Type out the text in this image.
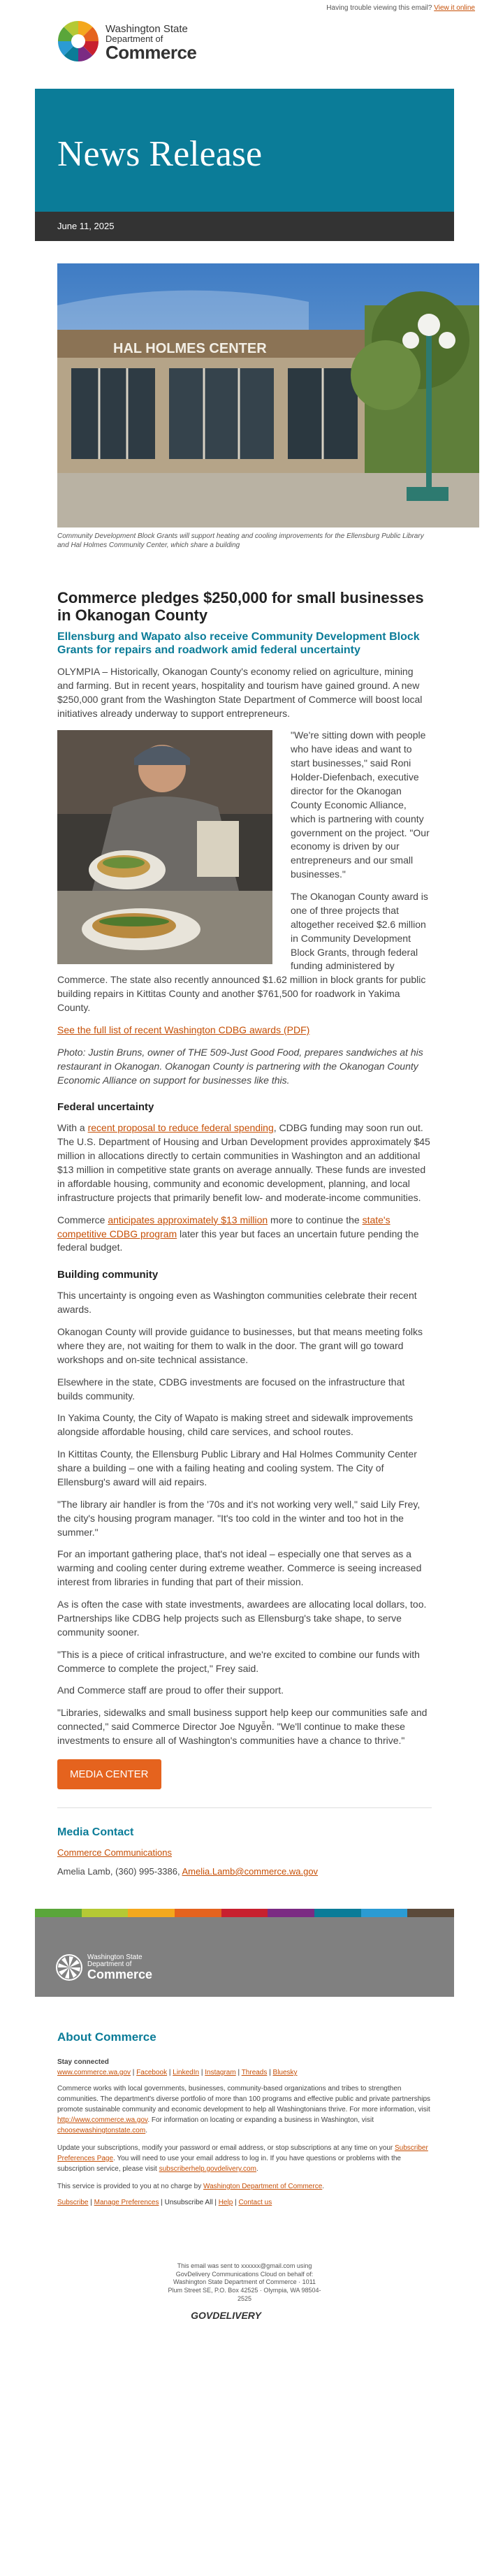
Having trouble viewing this email? View it online
Washington State
Department of
Commerce
News Release
June 11, 2025
HAL HOLMES CENTER
Community Development Block Grants will support heating and cooling improvements for the Ellensburg Public Library and Hal Holmes Community Center, which share a building
Commerce pledges $250,000 for small businesses in Okanogan County
Ellensburg and Wapato also receive Community Development Block Grants for repairs and roadwork amid federal uncertainty

OLYMPIA – Historically, Okanogan County's economy relied on agriculture, mining and farming. But in recent years, hospitality and tourism have gained ground. A new $250,000 grant from the Washington State Department of Commerce will boost local initiatives already underway to support entrepreneurs.

"We're sitting down with people who have ideas and want to start businesses," said Roni Holder-Diefenbach, executive director for the Okanogan County Economic Alliance, which is partnering with county government on the project. "Our economy is driven by our entrepreneurs and our small businesses."

The Okanogan County award is one of three projects that altogether received $2.6 million in Community Development Block Grants, through federal funding administered by Commerce. The state also recently announced $1.62 million in block grants for public building repairs in Kittitas County and another $761,500 for roadwork in Yakima County.

See the full list of recent Washington CDBG awards (PDF)

Photo: Justin Bruns, owner of THE 509-Just Good Food, prepares sandwiches at his restaurant in Okanogan. Okanogan County is partnering with the Okanogan County Economic Alliance on support for businesses like this.

Federal uncertainty

With a recent proposal to reduce federal spending, CDBG funding may soon run out. The U.S. Department of Housing and Urban Development provides approximately $45 million in allocations directly to certain communities in Washington and an additional $13 million in competitive state grants on average annually. These funds are invested in affordable housing, community and economic development, planning, and local infrastructure projects that primarily benefit low- and moderate-income communities.

Commerce anticipates approximately $13 million more to continue the state's competitive CDBG program later this year but faces an uncertain future pending the federal budget.

Building community

This uncertainty is ongoing even as Washington communities celebrate their recent awards.

Okanogan County will provide guidance to businesses, but that means meeting folks where they are, not waiting for them to walk in the door. The grant will go toward workshops and on-site technical assistance.

Elsewhere in the state, CDBG investments are focused on the infrastructure that builds community.

In Yakima County, the City of Wapato is making street and sidewalk improvements alongside affordable housing, child care services, and school routes.

In Kittitas County, the Ellensburg Public Library and Hal Holmes Community Center share a building – one with a failing heating and cooling system. The City of Ellensburg's award will aid repairs.

"The library air handler is from the '70s and it's not working very well," said Lily Frey, the city's housing program manager. "It's too cold in the winter and too hot in the summer."

For an important gathering place, that's not ideal – especially one that serves as a warming and cooling center during extreme weather. Commerce is seeing increased interest from libraries in funding that part of their mission.

As is often the case with state investments, awardees are allocating local dollars, too. Partnerships like CDBG help projects such as Ellensburg's take shape, to serve community sooner.

"This is a piece of critical infrastructure, and we're excited to combine our funds with Commerce to complete the project," Frey said.

And Commerce staff are proud to offer their support.

"Libraries, sidewalks and small business support help keep our communities safe and connected," said Commerce Director Joe Nguyễn. "We'll continue to make these investments to ensure all of Washington's communities have a chance to thrive."

MEDIA CENTER
Media Contact
Commerce Communications
Amelia Lamb, (360) 995-3386, Amelia.Lamb@commerce.wa.gov
Washington State
Department of
Commerce
About Commerce
Stay connected
www.commerce.wa.gov | Facebook | LinkedIn | Instagram | Threads | Bluesky
Commerce works with local governments, businesses, community-based organizations and tribes to strengthen communities. The department's diverse portfolio of more than 100 programs and effective public and private partnerships promote sustainable community and economic development to help all Washingtonians thrive. For more information, visit http://www.commerce.wa.gov. For information on locating or expanding a business in Washington, visit choosewashingtonstate.com.
Update your subscriptions, modify your password or email address, or stop subscriptions at any time on your Subscriber Preferences Page. You will need to use your email address to log in. If you have questions or problems with the subscription service, please visit subscriberhelp.govdelivery.com.
This service is provided to you at no charge by Washington Department of Commerce.
Subscribe | Manage Preferences | Unsubscribe All | Help | Contact us
This email was sent to xxxxxx@gmail.com using GovDelivery Communications Cloud on behalf of: Washington State Department of Commerce · 1011 Plum Street SE, P.O. Box 42525 · Olympia, WA 98504-2525
GOVDELIVERY
